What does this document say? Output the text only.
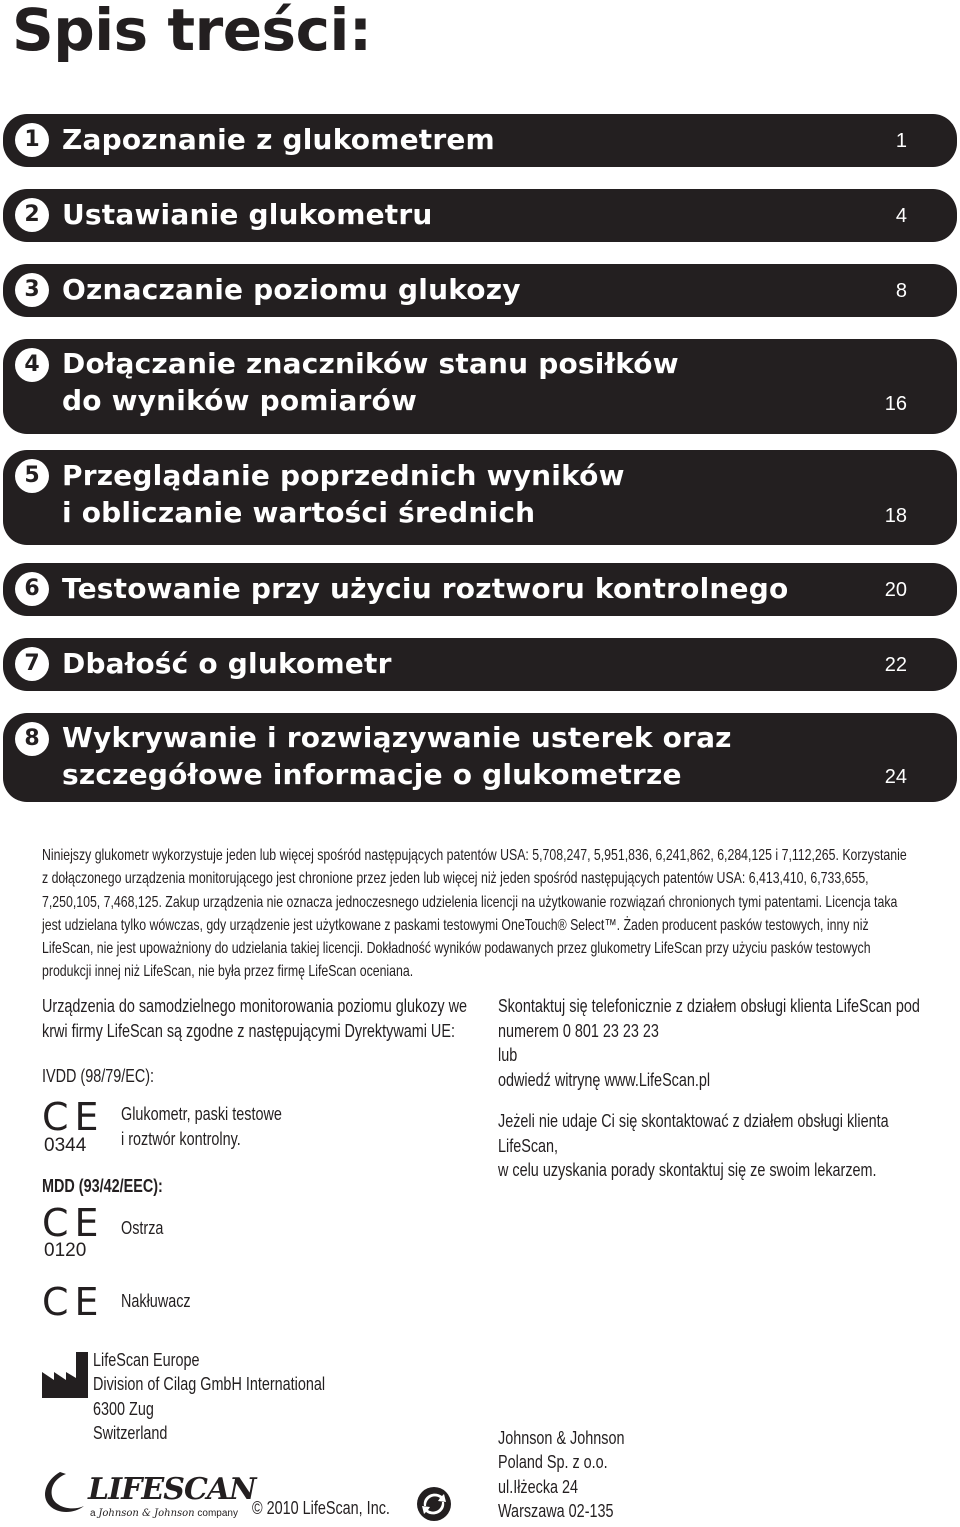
Spis treści:
1 Zapoznanie z glukometrem	1
2 Ustawianie glukometru	4
3 Oznaczanie poziomu glukozy	8
4 Dołączanie znaczników stanu posiłków
do wyników pomiarów	16
5 Przeglądanie poprzednich wyników
i obliczanie wartości średnich	18
6 Testowanie przy użyciu roztworu kontrolnego	20
7 Dbałość o glukometr	22
8 Wykrywanie i rozwiązywanie usterek oraz
szczegółowe informacje o glukometrze	24
Niniejszy glukometr wykorzystuje jeden lub więcej spośród następujących patentów USA: 5,708,247, 5,951,836, 6,241,862, 6,284,125 i 7,112,265. Korzystanie z dołączonego urządzenia monitorującego jest chronione przez jeden lub więcej niż jeden spośród następujących patentów USA: 6,413,410, 6,733,655, 7,250,105, 7,468,125. Zakup urządzenia nie oznacza jednoczesnego udzielenia licencji na użytkowanie rozwiązań chronionych tymi patentami. Licencja taka jest udzielana tylko wówczas, gdy urządzenie jest użytkowane z paskami testowymi OneTouch® Select™. Żaden producent pasków testowych, inny niż LifeScan, nie jest upoważniony do udzielania takiej licencji. Dokładność wyników podawanych przez glukometry LifeScan przy użyciu pasków testowych produkcji innej niż LifeScan, nie była przez firmę LifeScan oceniana.

Urządzenia do samodzielnego monitorowania poziomu glukozy we krwi firmy LifeScan są zgodne z następującymi Dyrektywami UE:

IVDD (98/79/EC):
CE
0344

Glukometr, paski testowe

i roztwór kontrolny.

MDD (93/42/EEC):
CE
0120
Ostrza
CE Nakłuwacz

LifeScan Europe

Division of Cilag GmbH International

6300 Zug

Switzerland

Skontaktuj się telefonicznie z działem obsługi klienta LifeScan pod

numerem 0 801 23 23 23

lub

odwiedź witrynę www.LifeScan.pl

Jeżeli nie udaje Ci się skontaktować z działem obsługi klienta LifeScan,

w celu uzyskania porady skontaktuj się ze swoim lekarzem.

Johnson & Johnson

Poland Sp. z o.o.

ul.Iłżecka 24

Warszawa 02-135

LIFESCAN
a Johnson & Johnson company © 2010 LifeScan, Inc.
